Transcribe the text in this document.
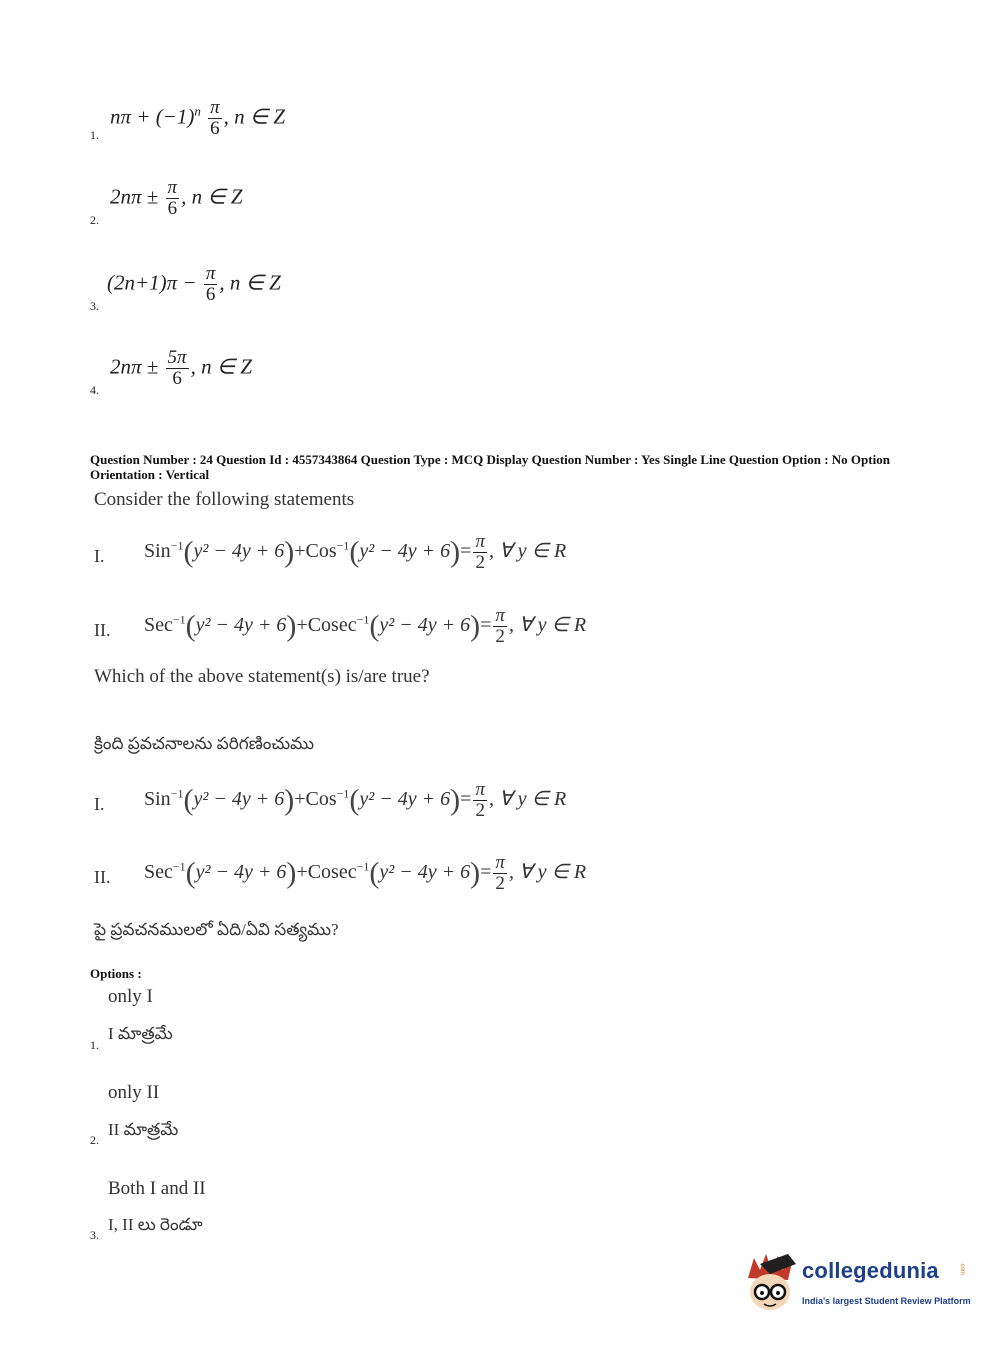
$n\pi + (-1)^n \frac{\pi}{6}$ , n ∈ Z
1.
$2n\pi \pm \frac{\pi}{6}$ , n ∈ Z
2.
$(2n+1)\pi - \frac{\pi}{6}$ , n ∈ Z
3.
$2n\pi \pm \frac{5\pi}{6}$ , n ∈ Z
4.
Question Number : 24 Question Id : 4557343864 Question Type : MCQ Display Question Number : Yes Single Line Question Option : No Option Orientation : Vertical
Consider the following statements
I. $Sin^{-1}(y^2 - 4y + 6)+Cos^{-1}(y^2 - 4y + 6)= \frac{\pi}{2}$ , ∀ y ∈ R
II. $Sec^{-1}(y^2 - 4y + 6)+Cosec^{-1}(y^2 - 4y + 6)= \frac{\pi}{2}$ , ∀ y ∈ R
Which of the above statement(s) is/are true?
క్రింది ప్రవచనాలను పరిగణించుము
I. $Sin^{-1}(y^2 - 4y + 6)+Cos^{-1}(y^2 - 4y + 6)= \frac{\pi}{2}$ , ∀ y ∈ R
II. $Sec^{-1}(y^2 - 4y + 6)+Cosec^{-1}(y^2 - 4y + 6)= \frac{\pi}{2}$ , ∀ y ∈ R
పై ప్రవచనములలో ఏది/ఏవి సత్యము?
Options :
only I
I మాత్రమే
1.
only II
II మాత్రమే
2.
Both I and II
I, II లు రెండూ
3.
collegedunia	.com
India's largest Student Review Platform
